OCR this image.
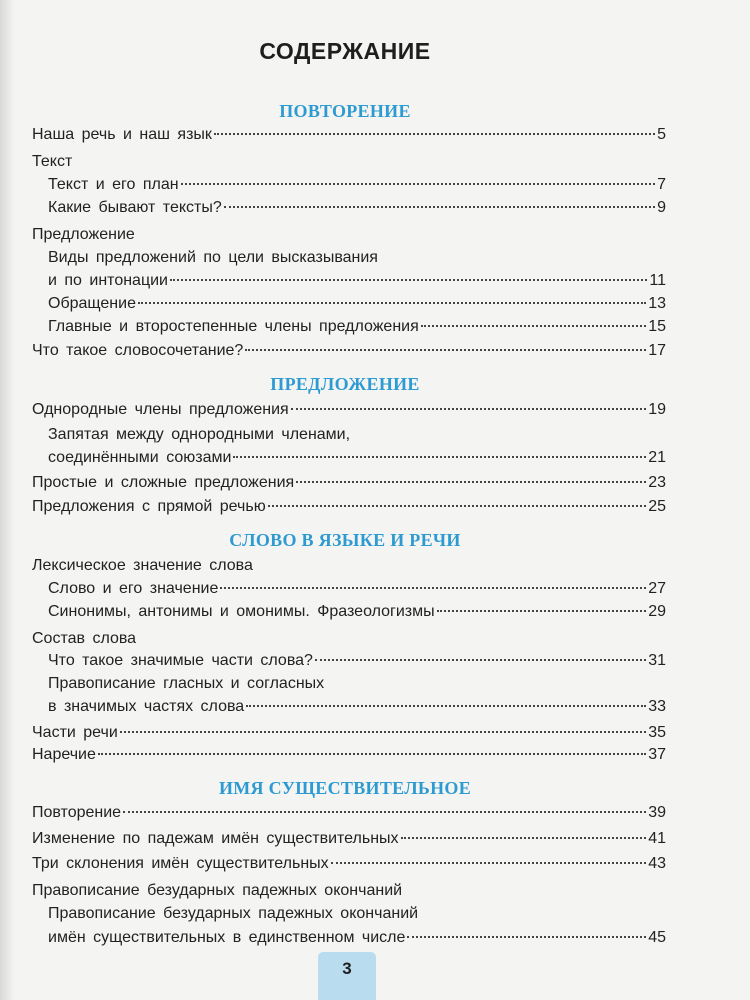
СОДЕРЖАНИЕ
ПОВТОРЕНИЕ
Наша речь и наш язык	5
Текст
Текст и его план	7
Какие бывают тексты?	9
Предложение
Виды предложений по цели высказывания
и по интонации	11
Обращение	13
Главные и второстепенные члены предложения	15
Что такое словосочетание?	17
ПРЕДЛОЖЕНИЕ
Однородные члены предложения	19
Запятая между однородными членами,
соединёнными союзами	21
Простые и сложные предложения	23
Предложения с прямой речью	25
СЛОВО В ЯЗЫКЕ И РЕЧИ
Лексическое значение слова
Слово и его значение	27
Синонимы, антонимы и омонимы. Фразеологизмы	29
Состав слова
Что такое значимые части слова?	31
Правописание гласных и согласных
в значимых частях слова	33
Части речи	35
Наречие	37
ИМЯ СУЩЕСТВИТЕЛЬНОЕ
Повторение	39
Изменение по падежам имён существительных	41
Три склонения имён существительных	43
Правописание безударных падежных окончаний
Правописание безударных падежных окончаний
имён существительных в единственном числе	45
3
